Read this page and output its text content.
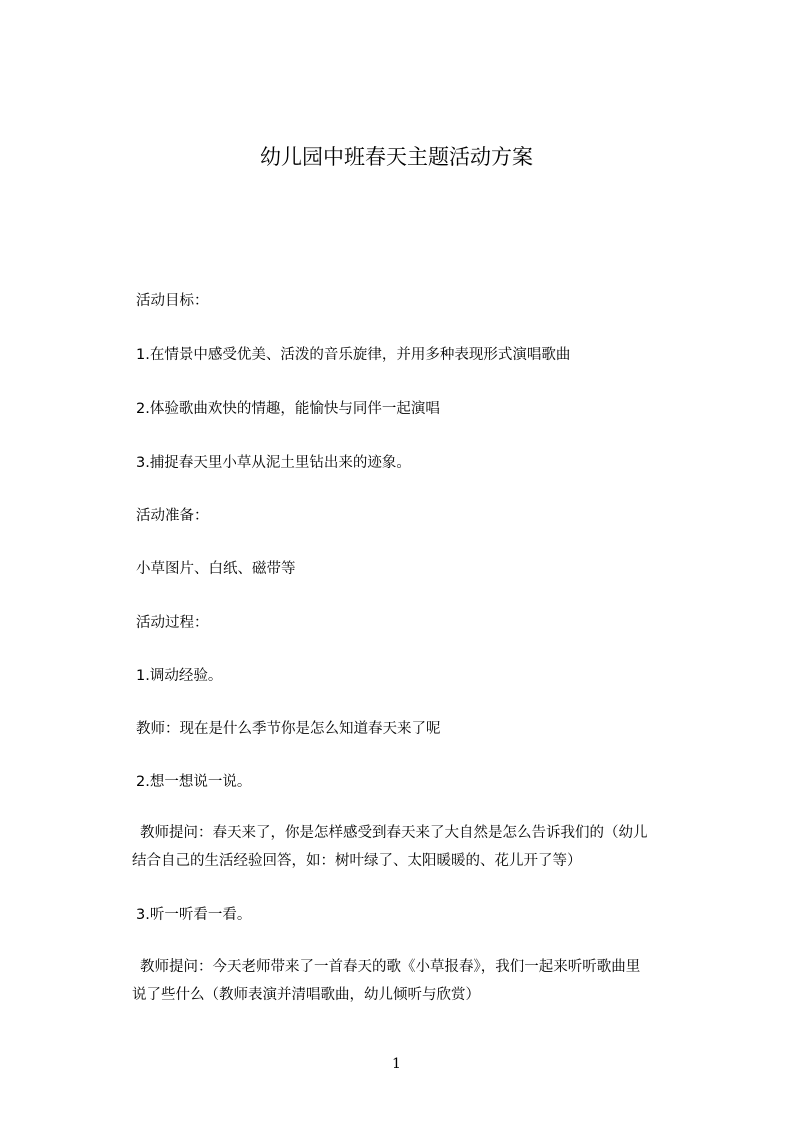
幼儿园中班春天主题活动方案
活动目标：
1.在情景中感受优美、活泼的音乐旋律，并用多种表现形式演唱歌曲
2.体验歌曲欢快的情趣，能愉快与同伴一起演唱
3.捕捉春天里小草从泥土里钻出来的迹象。
活动准备：
小草图片、白纸、磁带等
活动过程：
1.调动经验。
教师：现在是什么季节你是怎么知道春天来了呢
2.想一想说一说。
教师提问：春天来了，你是怎样感受到春天来了大自然是怎么告诉我们的（幼儿
结合自己的生活经验回答，如：树叶绿了、太阳暖暖的、花儿开了等）
3.听一听看一看。
教师提问：今天老师带来了一首春天的歌《小草报春》，我们一起来听听歌曲里
说了些什么（教师表演并清唱歌曲，幼儿倾听与欣赏）
1
